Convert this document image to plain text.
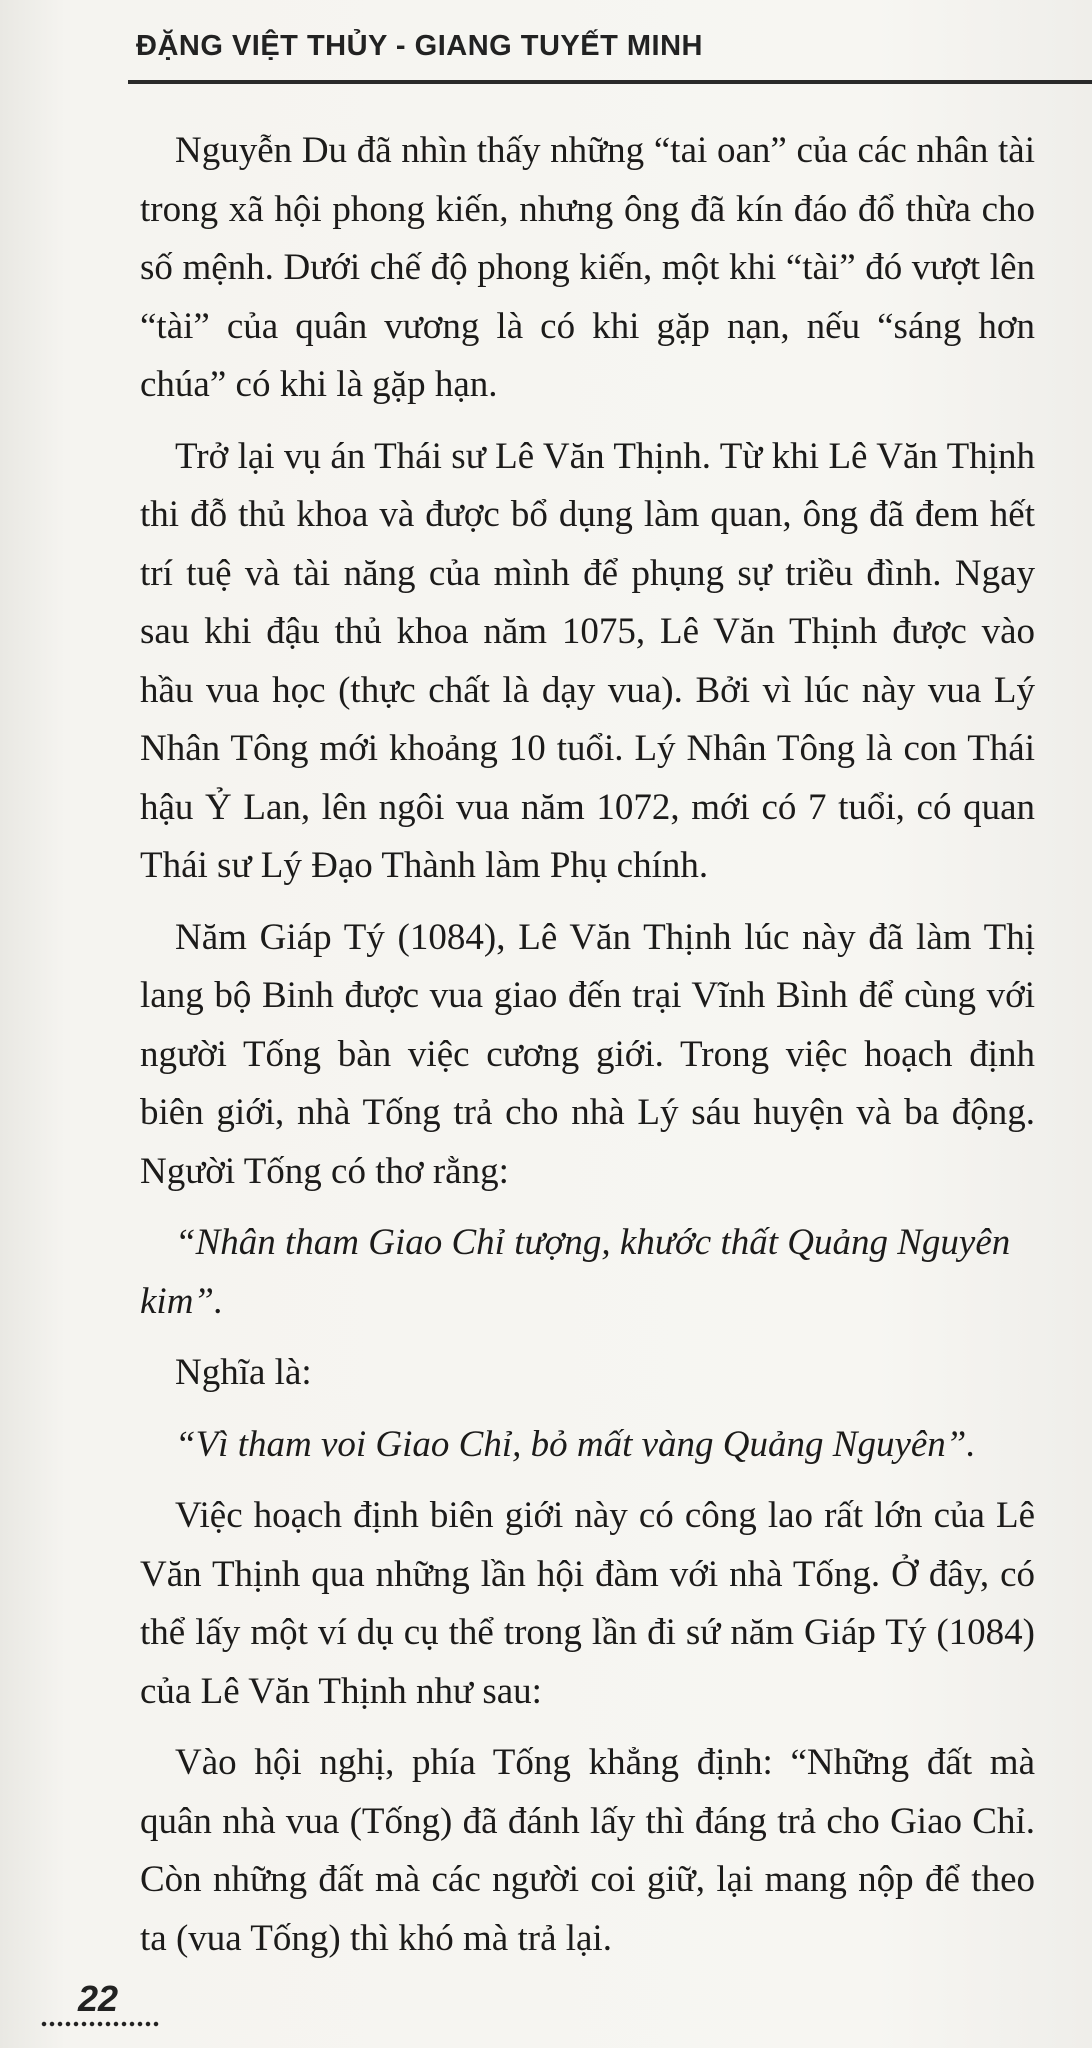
ĐẶNG VIỆT THỦY - GIANG TUYẾT MINH

Nguyễn Du đã nhìn thấy những “tai oan” của các nhân tài trong xã hội phong kiến, nhưng ông đã kín đáo đổ thừa cho số mệnh. Dưới chế độ phong kiến, một khi “tài” đó vượt lên “tài” của quân vương là có khi gặp nạn, nếu “sáng hơn chúa” có khi là gặp hạn.

Trở lại vụ án Thái sư Lê Văn Thịnh. Từ khi Lê Văn Thịnh thi đỗ thủ khoa và được bổ dụng làm quan, ông đã đem hết trí tuệ và tài năng của mình để phụng sự triều đình. Ngay sau khi đậu thủ khoa năm 1075, Lê Văn Thịnh được vào hầu vua học (thực chất là dạy vua). Bởi vì lúc này vua Lý Nhân Tông mới khoảng 10 tuổi. Lý Nhân Tông là con Thái hậu Ỷ Lan, lên ngôi vua năm 1072, mới có 7 tuổi, có quan Thái sư Lý Đạo Thành làm Phụ chính.

Năm Giáp Tý (1084), Lê Văn Thịnh lúc này đã làm Thị lang bộ Binh được vua giao đến trại Vĩnh Bình để cùng với người Tống bàn việc cương giới. Trong việc hoạch định biên giới, nhà Tống trả cho nhà Lý sáu huyện và ba động. Người Tống có thơ rằng:

“Nhân tham Giao Chỉ tượng, khước thất Quảng Nguyên kim”.

Nghĩa là:

“Vì tham voi Giao Chỉ, bỏ mất vàng Quảng Nguyên”.

Việc hoạch định biên giới này có công lao rất lớn của Lê Văn Thịnh qua những lần hội đàm với nhà Tống. Ở đây, có thể lấy một ví dụ cụ thể trong lần đi sứ năm Giáp Tý (1084) của Lê Văn Thịnh như sau:

Vào hội nghị, phía Tống khẳng định: “Những đất mà quân nhà vua (Tống) đã đánh lấy thì đáng trả cho Giao Chỉ. Còn những đất mà các người coi giữ, lại mang nộp để theo ta (vua Tống) thì khó mà trả lại.

22
